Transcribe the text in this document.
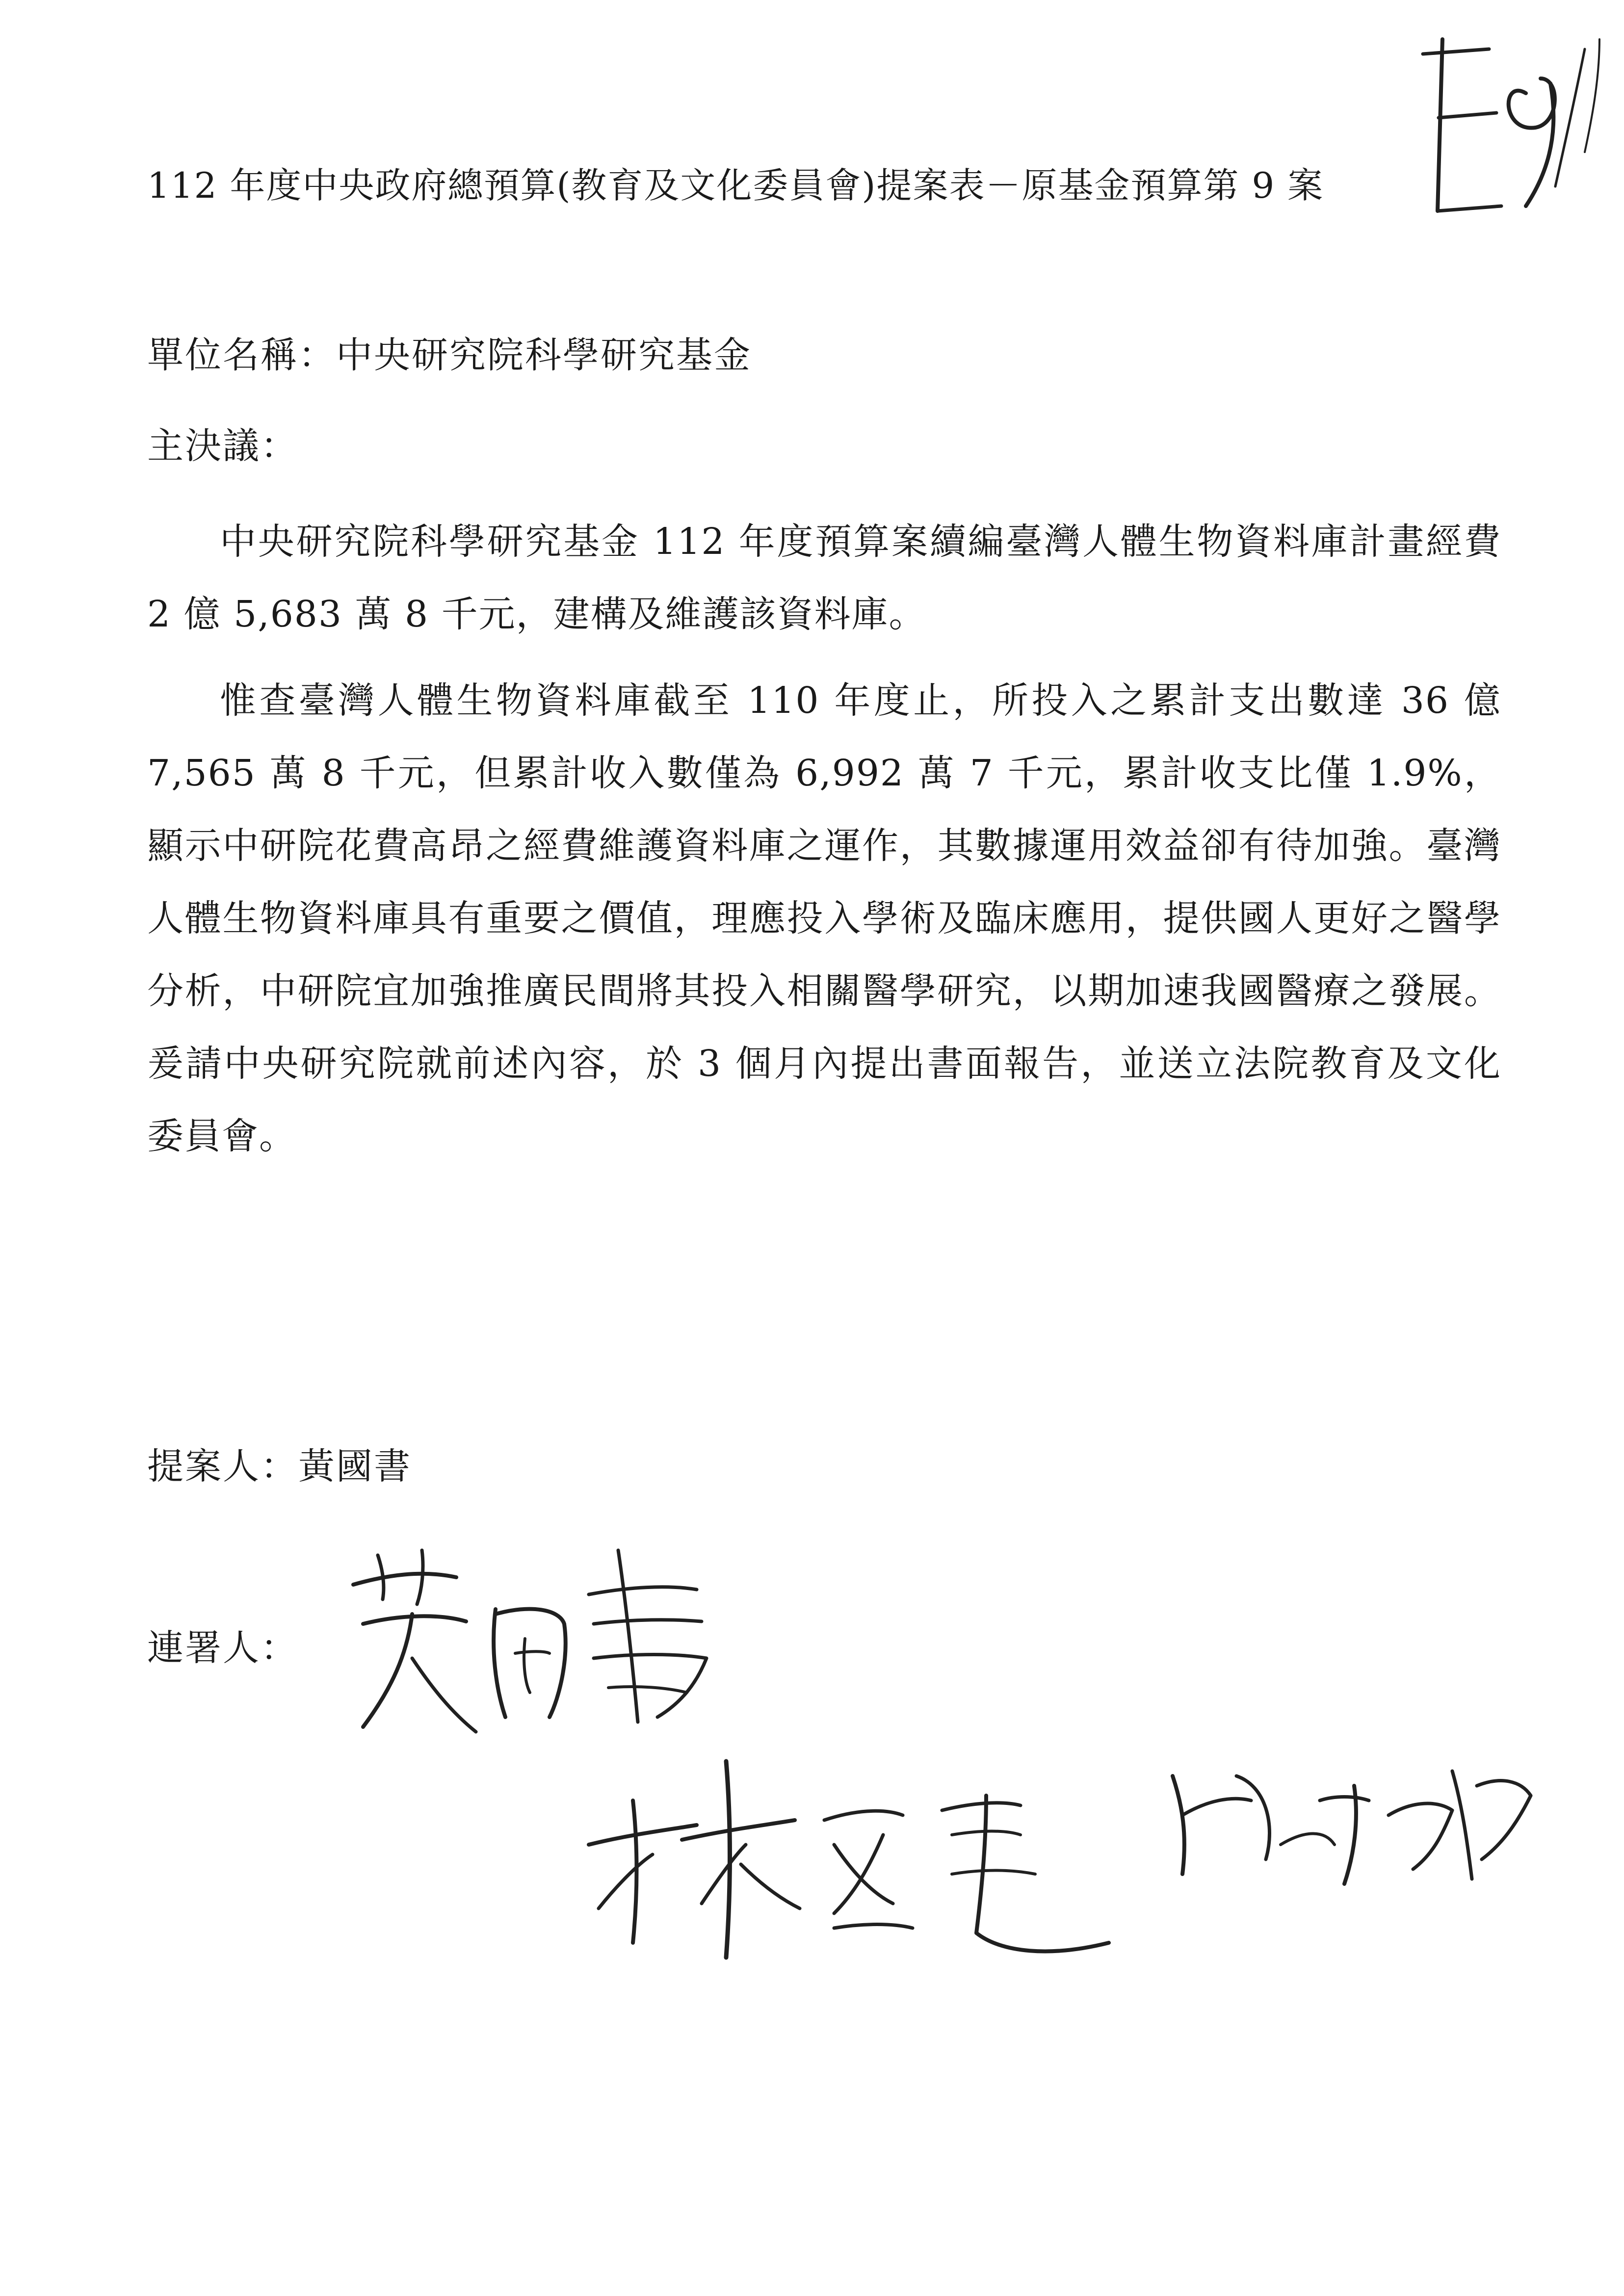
112 年度中央政府總預算(教育及文化委員會)提案表－原基金預算第 9 案
單位名稱：中央研究院科學研究基金
主決議：

中央研究院科學研究基金 112 年度預算案續編臺灣人體生物資料庫計畫經費 2 億 5,683 萬 8 千元，建構及維護該資料庫。

惟查臺灣人體生物資料庫截至 110 年度止，所投入之累計支出數達 36 億 7,565 萬 8 千元，但累計收入數僅為 6,992 萬 7 千元，累計收支比僅 1.9%，顯示中研院花費高昂之經費維護資料庫之運作，其數據運用效益卻有待加強。臺灣人體生物資料庫具有重要之價值，理應投入學術及臨床應用，提供國人更好之醫學分析，中研院宜加強推廣民間將其投入相關醫學研究，以期加速我國醫療之發展。爰請中央研究院就前述內容，於 3 個月內提出書面報告，並送立法院教育及文化委員會。

提案人：黃國書
連署人：
